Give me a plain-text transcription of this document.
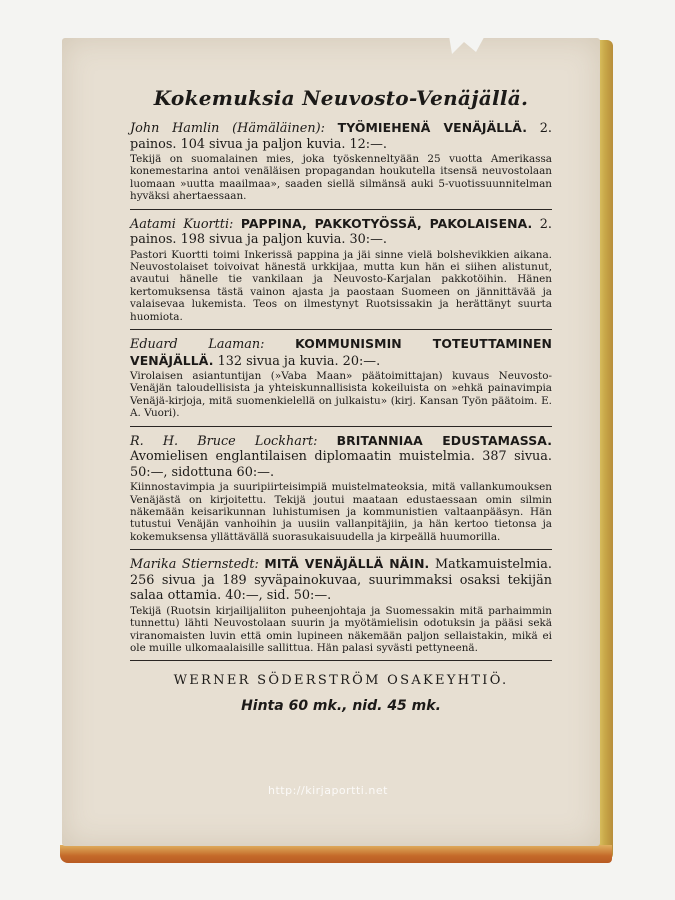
Kokemuksia Neuvosto-Venäjällä.
John Hamlin (Hämäläinen): TYÖMIEHENÄ VENÄJÄLLÄ. 2. painos. 104 sivua ja paljon kuvia. 12:—.
Tekijä on suomalainen mies, joka työskenneltyään 25 vuotta Amerikassa konemestarina antoi venäläisen propagandan houkutella itsensä neuvostolaan luomaan »uutta maailmaa», saaden siellä silmänsä auki 5-vuotissuunnitelman hyväksi ahertaessaan.
Aatami Kuortti: PAPPINA, PAKKOTYÖSSÄ, PAKOLAISENA. 2. painos. 198 sivua ja paljon kuvia. 30:—.
Pastori Kuortti toimi Inkerissä pappina ja jäi sinne vielä bolshevikkien aikana. Neuvostolaiset toivoivat hänestä urkkijaa, mutta kun hän ei siihen alistunut, avautui hänelle tie vankilaan ja Neuvosto-Karjalan pakkotöihin. Hänen kertomuksensa tästä vainon ajasta ja paostaan Suomeen on jännittävää ja valaisevaa lukemista. Teos on ilmestynyt Ruotsissakin ja herättänyt suurta huomiota.
Eduard Laaman: KOMMUNISMIN TOTEUTTAMINEN VENÄJÄLLÄ. 132 sivua ja kuvia. 20:—.
Virolaisen asiantuntijan (»Vaba Maan» päätoimittajan) kuvaus Neuvosto-Venäjän taloudellisista ja yhteiskunnallisista kokeiluista on »ehkä painavimpia Venäjä-kirjoja, mitä suomenkielellä on julkaistu» (kirj. Kansan Työn päätoim. E. A. Vuori).
R. H. Bruce Lockhart: BRITANNIAA EDUSTAMASSA. Avomielisen englantilaisen diplomaatin muistelmia. 387 sivua. 50:—, sidottuna 60:—.
Kiinnostavimpia ja suuripiirteisimpiä muistelmateoksia, mitä vallankumouksen Venäjästä on kirjoitettu. Tekijä joutui maataan edustaessaan omin silmin näkemään keisarikunnan luhistumisen ja kommunistien valtaanpääsyn. Hän tutustui Venäjän vanhoihin ja uusiin vallanpitäjiin, ja hän kertoo tietonsa ja kokemuksensa yllättävällä suorasukaisuudella ja kirpeällä huumorilla.
Marika Stiernstedt: MITÄ VENÄJÄLLÄ NÄIN. Matkamuistelmia. 256 sivua ja 189 syväpainokuvaa, suurimmaksi osaksi tekijän salaa ottamia. 40:—, sid. 50:—.
Tekijä (Ruotsin kirjailijaliiton puheenjohtaja ja Suomessakin mitä parhaimmin tunnettu) lähti Neuvostolaan suurin ja myötämielisin odotuksin ja pääsi sekä viranomaisten luvin että omin lupineen näkemään paljon sellaistakin, mikä ei ole muille ulkomaalaisille sallittua. Hän palasi syvästi pettyneenä.
WERNER SÖDERSTRÖM OSAKEYHTIÖ.
Hinta 60 mk., nid. 45 mk.
http://kirjaportti.net
